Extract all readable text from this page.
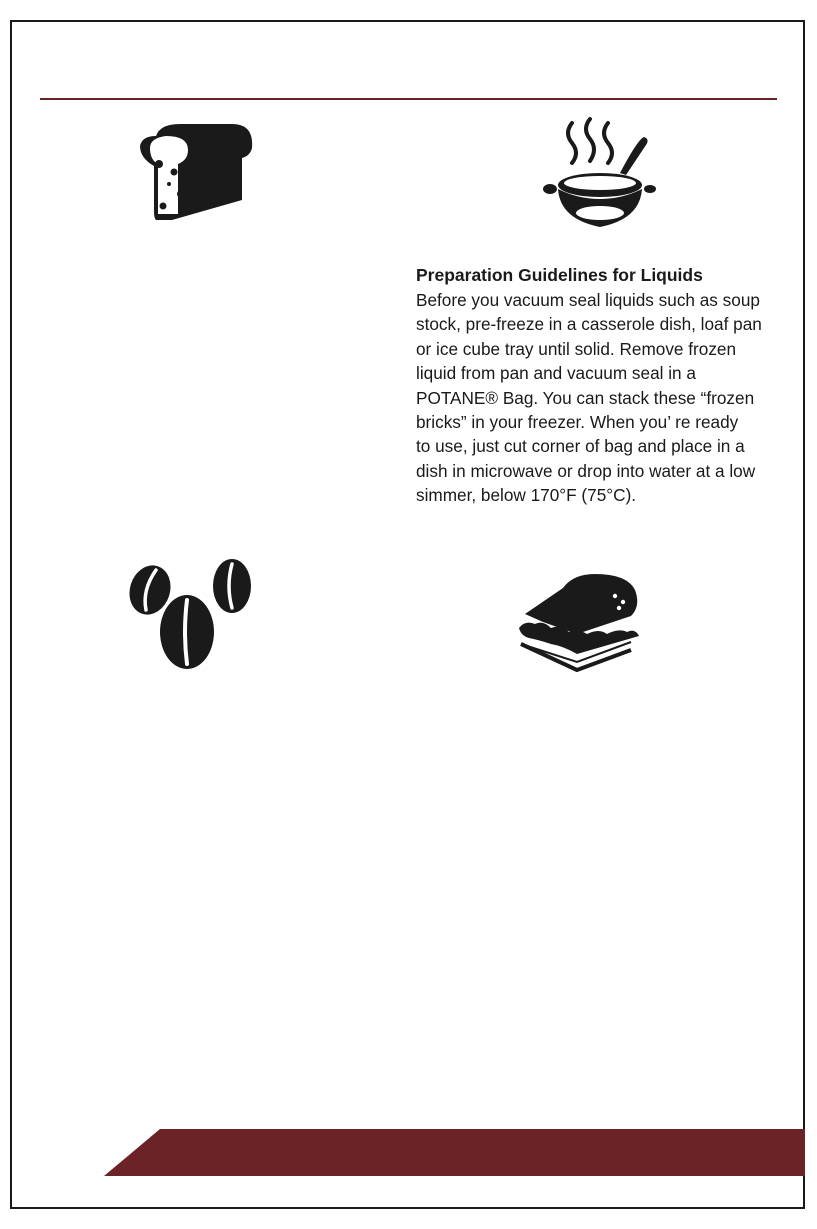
Preparation Guidelines for Liquids

Before you vacuum seal liquids such as soup
stock, pre-freeze in a casserole dish, loaf pan
or ice cube tray until solid. Remove frozen
liquid from pan and vacuum seal in a
POTANE® Bag. You can stack these “frozen
bricks” in your freezer. When you’ re ready
to use, just cut corner of bag and place in a
dish in microwave or drop into water at a low
simmer, below 170°F (75°C).
